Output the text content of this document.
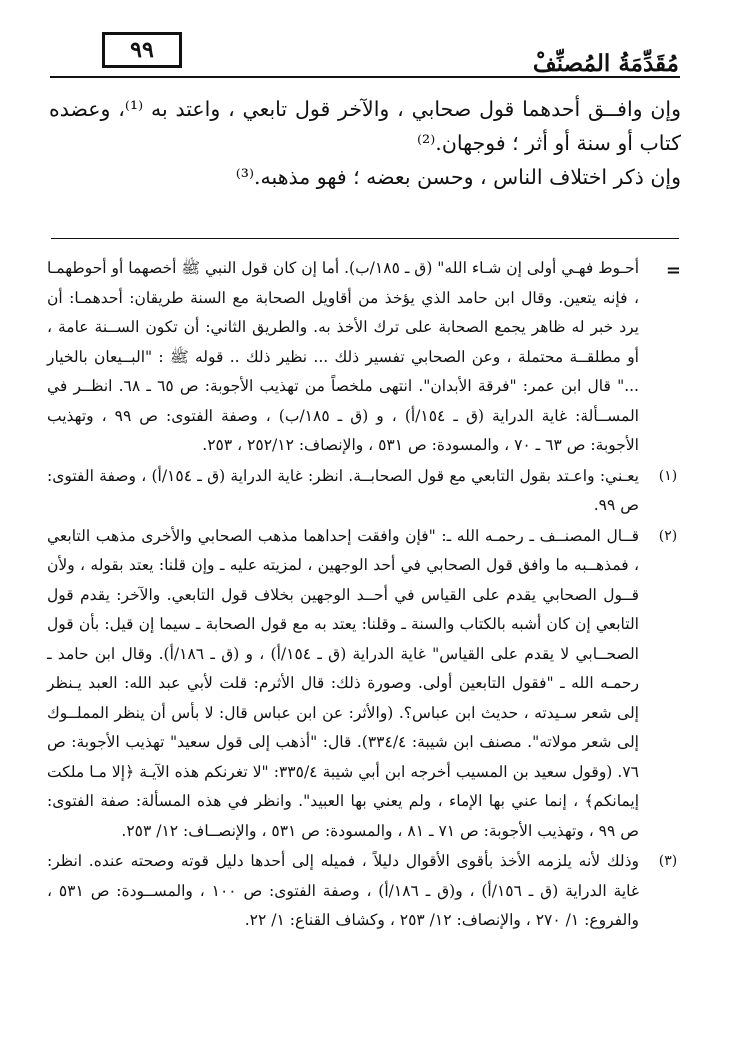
٩٩	مُقَدِّمَةُ المُصنِّفْ

وإن وافــق أحدهما قول صحابي ، والآخر قول تابعي ، واعتد به ⁽¹⁾، وعضده كتاب أو سنة أو أثر ؛ فوجهان.⁽²⁾

وإن ذكر اختلاف الناس ، وحسن بعضه ؛ فهو مذهبه.⁽³⁾

=
أحـوط فهـي أولى إن شـاء الله" (ق ـ ١٨٥/ب). أما إن كان قول النبي ﷺ أخصهما أو أحوطهمـا ، فإنه يتعين. وقال ابن حامد الذي يؤخذ من أقاويل الصحابة مع السنة طريقان: أحدهمـا: أن يرد خبر له ظاهر يجمع الصحابة على ترك الأخذ به. والطريق الثاني: أن تكون الســنة عامة ، أو مطلقــة محتملة ، وعن الصحابي تفسير ذلك ... نظير ذلك .. قوله ﷺ : "البــيعان بالخيار ..." قال ابن عمر: "فرقة الأبدان". انتهى ملخصاً من تهذيب الأجوبة: ص ٦٥ ـ ٦٨. انظــر في المســألة: غاية الدراية (ق ـ ١٥٤/أ) ، و (ق ـ ١٨٥/ب) ، وصفة الفتوى: ص ٩٩ ، وتهذيب الأجوبة: ص ٦٣ ـ ٧٠ ، والمسودة: ص ٥٣١ ، والإنصاف: ٢٥٢/١٢ ، ٢٥٣.
(١)
يعـني: واعـتد بقول التابعي مع قول الصحابــة. انظر: غاية الدراية (ق ـ ١٥٤/أ) ، وصفة الفتوى: ص ٩٩.
(٢)
قــال المصنــف ـ رحمـه الله ـ: "فإن وافقت إحداهما مذهب الصحابي والأخرى مذهب التابعي ، فمذهــبه ما وافق قول الصحابي في أحد الوجهين ، لمزيته عليه ـ وإن قلنا: يعتد بقوله ، ولأن قــول الصحابي يقدم على القياس في أحــد الوجهين بخلاف قول التابعي. والآخر: يقدم قول التابعي إن كان أشبه بالكتاب والسنة ـ وقلنا: يعتد به مع قول الصحابة ـ سيما إن قيل: بأن قول الصحــابي لا يقدم على القياس" غاية الدراية (ق ـ ١٥٤/أ) ، و (ق ـ ١٨٦/أ). وقال ابن حامد ـ رحمـه الله ـ "فقول التابعين أولى. وصورة ذلك: قال الأثرم: قلت لأبي عبد الله: العبد يـنظر إلى شعر سـيدته ، حديث ابن عباس؟. (والأثر: عن ابن عباس قال: لا بأس أن ينظر المملــوك إلى شعر مولاته". مصنف ابن شيبة: ٣٣٤/٤). قال: "أذهب إلى قول سعيد" تهذيب الأجوبة: ص ٧٦. (وقول سعيد بن المسيب أخرجه ابن أبي شيبة ٣٣٥/٤: "لا تغرنكم هذه الآيـة ﴿إلا مـا ملكت إيمانكم﴾ ، إنما عني بها الإماء ، ولم يعني بها العبيد". وانظر في هذه المسألة: صفة الفتوى: ص ٩٩ ، وتهذيب الأجوبة: ص ٧١ ـ ٨١ ، والمسودة: ص ٥٣١ ، والإنصــاف: ١٢/ ٢٥٣.
(٣)
وذلك لأنه يلزمه الأخذ بأقوى الأقوال دليلاً ، فميله إلى أحدها دليل قوته وصحته عنده. انظر: غاية الدراية (ق ـ ١٥٦/أ) ، و(ق ـ ١٨٦/أ) ، وصفة الفتوى: ص ١٠٠ ، والمســودة: ص ٥٣١ ، والفروع: ١/ ٢٧٠ ، والإنصاف: ١٢/ ٢٥٣ ، وكشاف القناع: ١/ ٢٢.
